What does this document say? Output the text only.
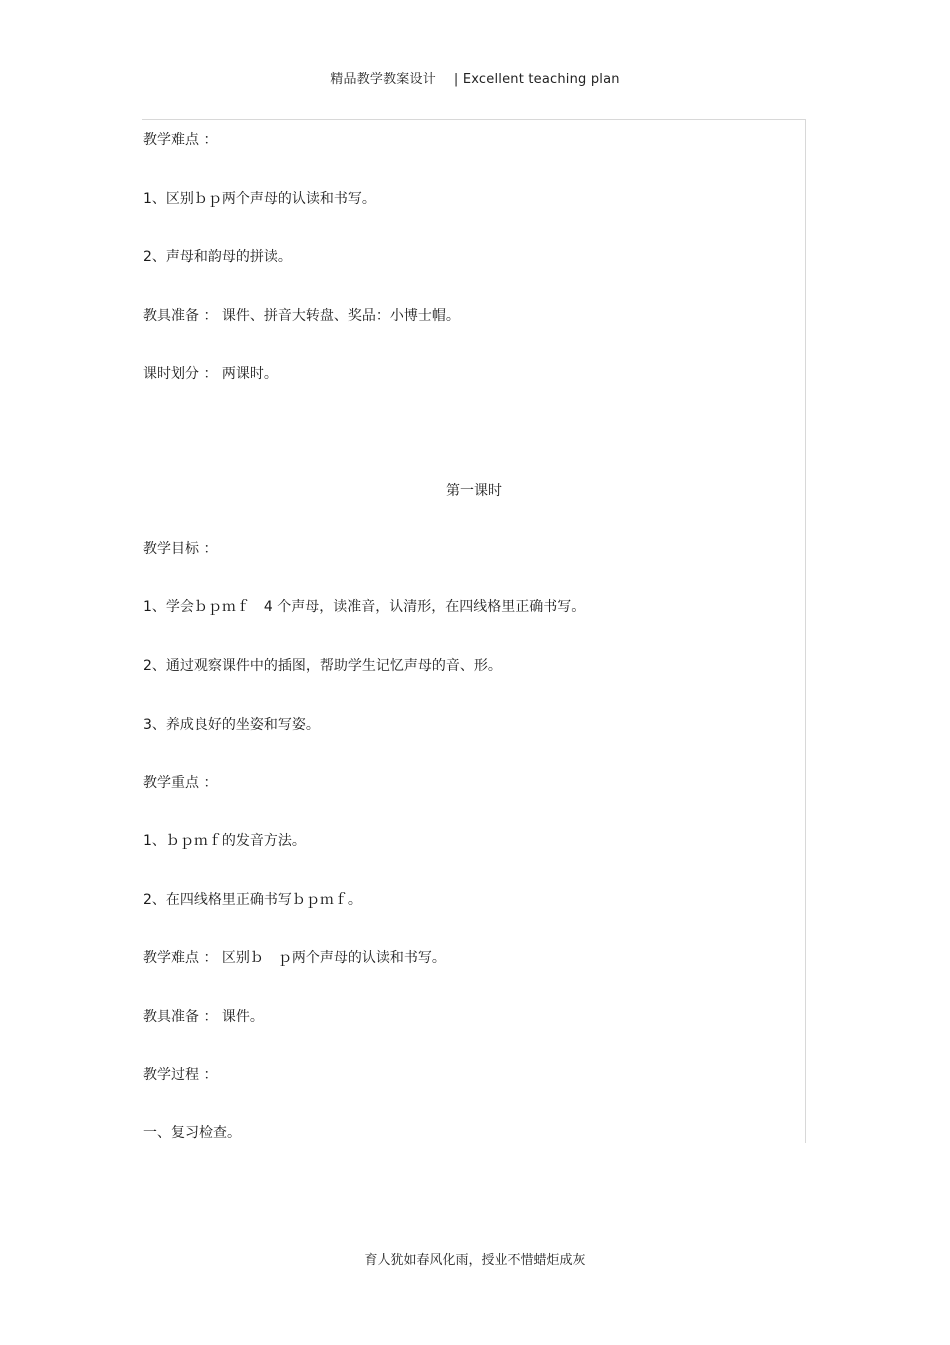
精品教学教案设计 | Excellent teaching plan
教学难点 ：
1、区别ｂｐ两个声母的认读和书写。
2、声母和韵母的拼读。
教具准备 ： 课件、拼音大转盘、奖品：小博士帽。
课时划分 ： 两课时。
第一课时
教学目标 ：
1、学会ｂｐｍｆ　4 个声母，读准音，认清形，在四线格里正确书写。
2、通过观察课件中的插图，帮助学生记忆声母的音、形。
3、养成良好的坐姿和写姿。
教学重点 ：
1、ｂｐｍｆ的发音方法。
2、在四线格里正确书写ｂｐｍｆ。
教学难点 ： 区别ｂ　ｐ两个声母的认读和书写。
教具准备 ： 课件。
教学过程 ：
一、复习检查。
育人犹如春风化雨，授业不惜蜡炬成灰
